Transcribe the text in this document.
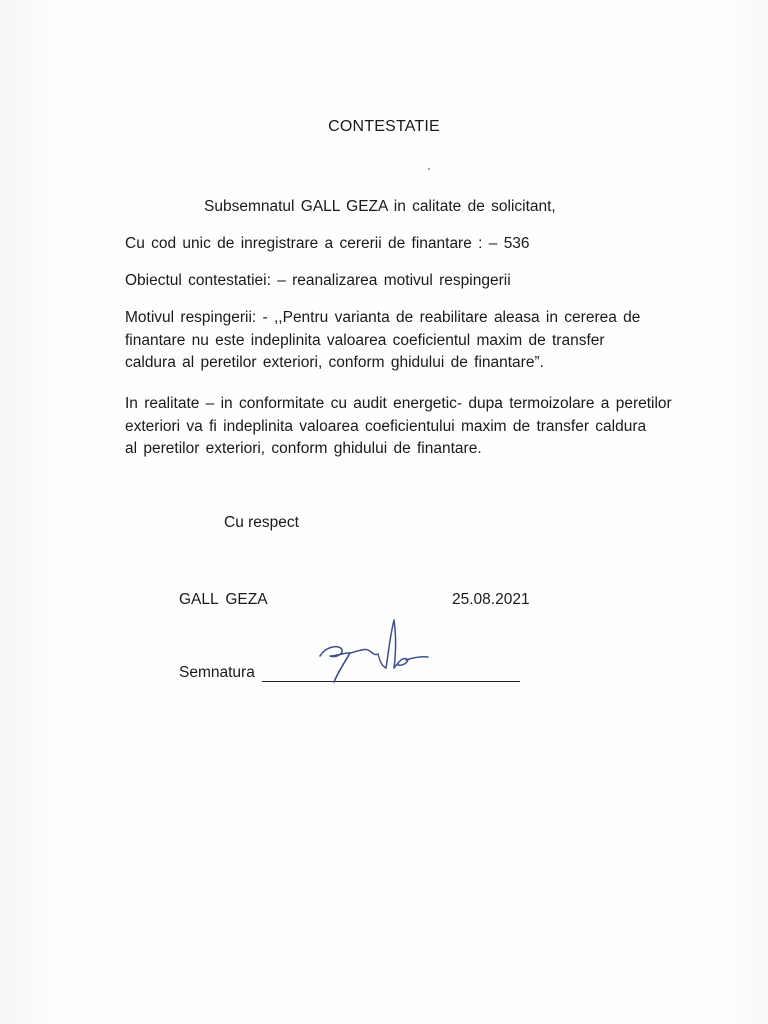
CONTESTATIE
Subsemnatul GALL GEZA in calitate de solicitant,
Cu cod unic de inregistrare a cererii de finantare : – 536
Obiectul contestatiei: – reanalizarea motivul respingerii
Motivul respingerii: - ,,Pentru varianta de reabilitare aleasa in cererea de
finantare nu este indeplinita valoarea coeficientul maxim de transfer
caldura al peretilor exteriori, conform ghidului de finantare”.
In realitate – in conformitate cu audit energetic- dupa termoizolare a peretilor
exteriori va fi indeplinita valoarea coeficientului maxim de transfer caldura
al peretilor exteriori, conform ghidului de finantare.
Cu respect
GALL GEZA	25.08.2021
Semnatura
